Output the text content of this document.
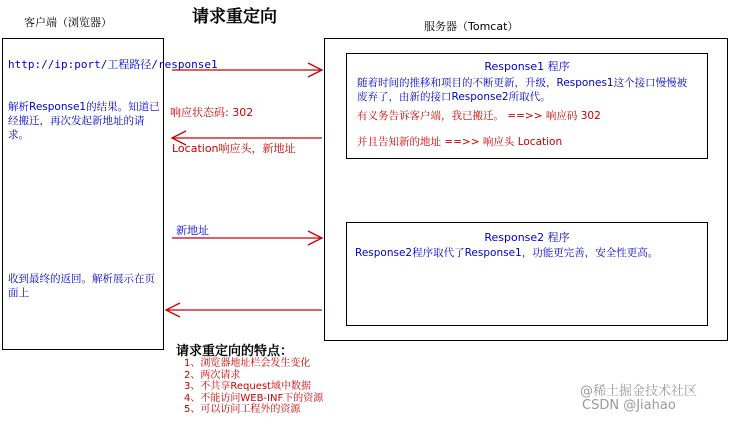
请求重定向
客户端（浏览器）
http://ip:port/工程路径/response1
解析Response1的结果。知道已经搬迁，再次发起新地址的请求。
收到最终的返回。解析展示在页面上
服务器（Tomcat）
Response1 程序
随着时间的推移和项目的不断更新，升级，Respones1这个接口慢慢被废弃了，由新的接口Response2所取代。
有义务告诉客户端，我已搬迁。 ==>> 响应码 302
并且告知新的地址 ==>> 响应头 Location
Response2 程序
Response2程序取代了Response1，功能更完善，安全性更高。
响应状态码: 302
Location响应头，新地址
新地址
请求重定向的特点：
1、浏览器地址栏会发生变化
2、两次请求
3、不共享Request域中数据
4、不能访问WEB-INF下的资源
5、可以访问工程外的资源
@稀土掘金技术社区
CSDN @Jiahao
